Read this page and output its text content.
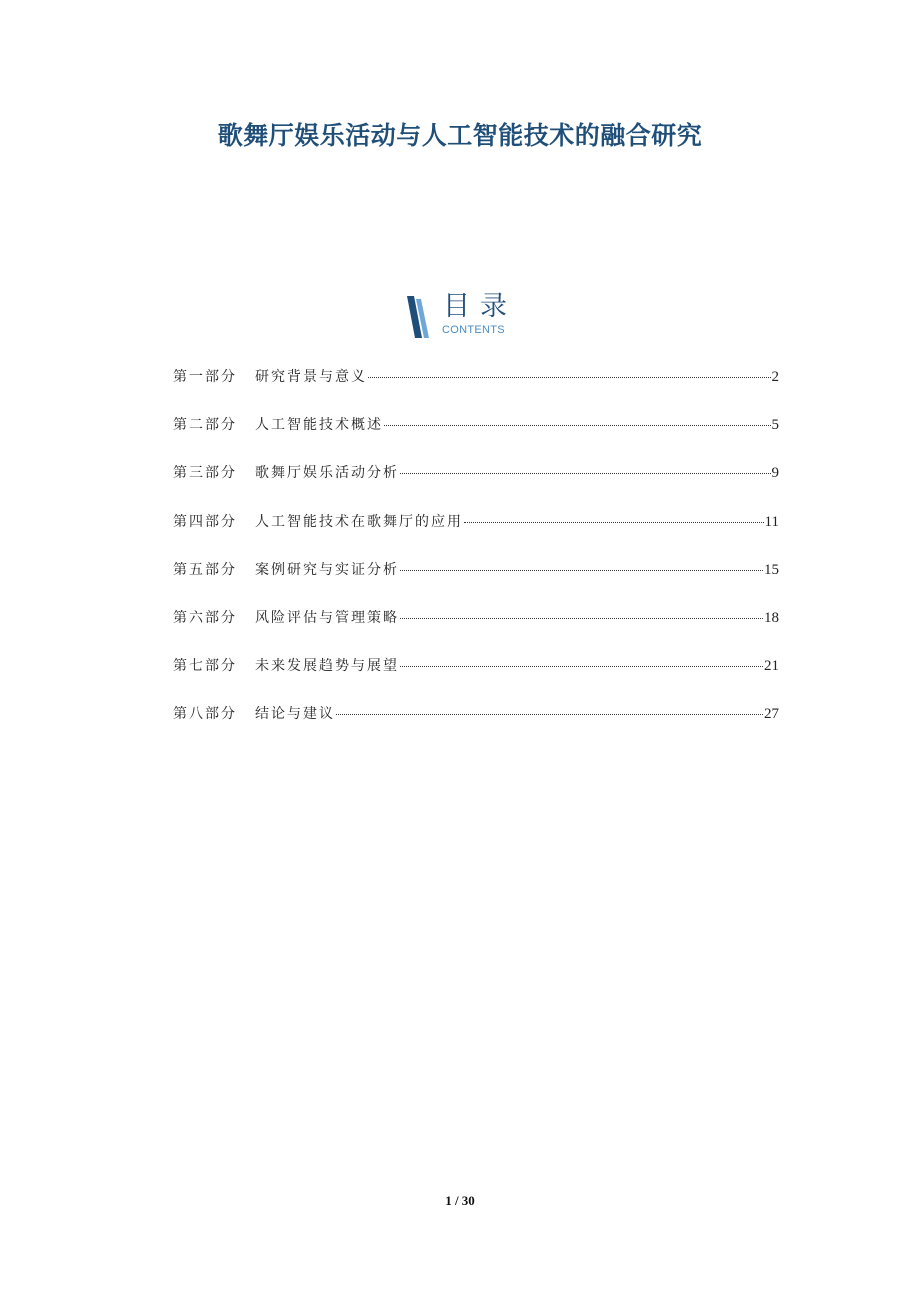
歌舞厅娱乐活动与人工智能技术的融合研究
目录
CONTENTS
第一部分	研究背景与意义	2
第二部分	人工智能技术概述	5
第三部分	歌舞厅娱乐活动分析	9
第四部分	人工智能技术在歌舞厅的应用	11
第五部分	案例研究与实证分析	15
第六部分	风险评估与管理策略	18
第七部分	未来发展趋势与展望	21
第八部分	结论与建议	27
1 / 30
